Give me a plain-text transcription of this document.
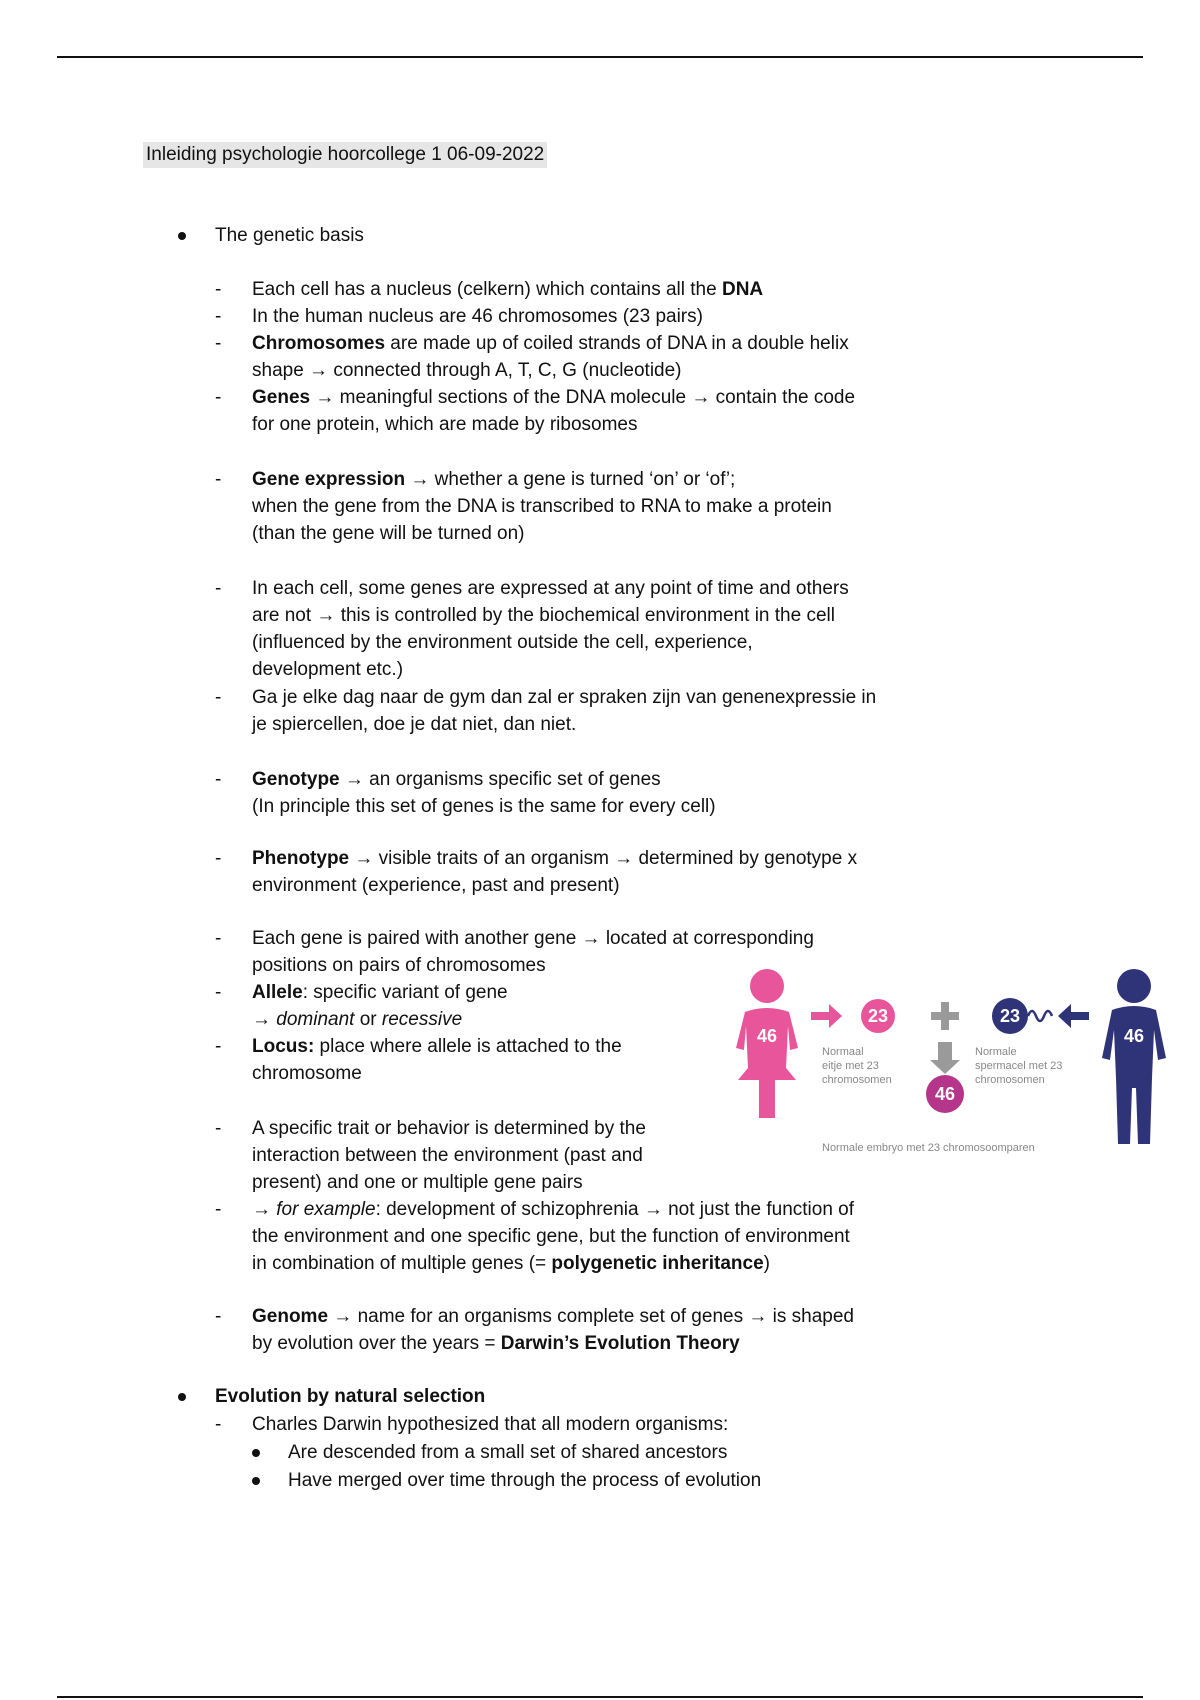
Inleiding psychologie hoorcollege 1 06-09-2022
The genetic basis
- Each cell has a nucleus (celkern) which contains all the DNA
- In the human nucleus are 46 chromosomes (23 pairs)
- Chromosomes are made up of coiled strands of DNA in a double helix
shape → connected through A, T, C, G (nucleotide)
- Genes → meaningful sections of the DNA molecule → contain the code
for one protein, which are made by ribosomes
- Gene expression → whether a gene is turned ‘on’ or ‘of’;
when the gene from the DNA is transcribed to RNA to make a protein
(than the gene will be turned on)
- In each cell, some genes are expressed at any point of time and others
are not → this is controlled by the biochemical environment in the cell
(influenced by the environment outside the cell, experience,
development etc.)
- Ga je elke dag naar de gym dan zal er spraken zijn van genenexpressie in
je spiercellen, doe je dat niet, dan niet.
- Genotype → an organisms specific set of genes
(In principle this set of genes is the same for every cell)
- Phenotype → visible traits of an organism → determined by genotype x
environment (experience, past and present)
- Each gene is paired with another gene → located at corresponding
positions on pairs of chromosomes
- Allele: specific variant of gene
→ dominant or recessive
- Locus: place where allele is attached to the
chromosome
- A specific trait or behavior is determined by the
interaction between the environment (past and
present) and one or multiple gene pairs
- → for example: development of schizophrenia → not just the function of
the environment and one specific gene, but the function of environment
in combination of multiple genes (= polygenetic inheritance)
- Genome → name for an organisms complete set of genes → is shaped
by evolution over the years = Darwin’s Evolution Theory
Evolution by natural selection
- Charles Darwin hypothesized that all modern organisms:
Are descended from a small set of shared ancestors
Have merged over time through the process of evolution
46
23
Normaal
eitje met 23
chromosomen
46
Normale embryo met 23 chromosoomparen
23
Normale
spermacel met 23
chromosomen
46
